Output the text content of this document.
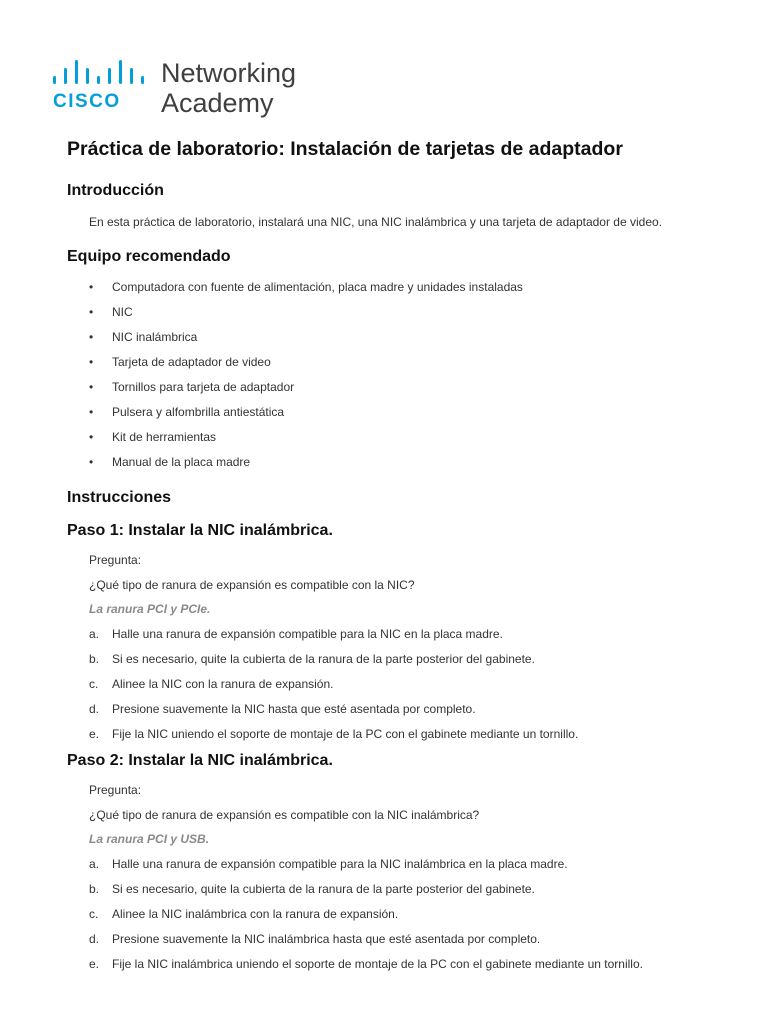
CISCO
Networking
Academy
Práctica de laboratorio: Instalación de tarjetas de adaptador
Introducción
En esta práctica de laboratorio, instalará una NIC, una NIC inalámbrica y una tarjeta de adaptador de video.
Equipo recomendado
• Computadora con fuente de alimentación, placa madre y unidades instaladas
• NIC
• NIC inalámbrica
• Tarjeta de adaptador de video
• Tornillos para tarjeta de adaptador
• Pulsera y alfombrilla antiestática
• Kit de herramientas
• Manual de la placa madre
Instrucciones
Paso 1: Instalar la NIC inalámbrica.
Pregunta:
¿Qué tipo de ranura de expansión es compatible con la NIC?
La ranura PCI y PCIe.
a. Halle una ranura de expansión compatible para la NIC en la placa madre.
b. Si es necesario, quite la cubierta de la ranura de la parte posterior del gabinete.
c. Alinee la NIC con la ranura de expansión.
d. Presione suavemente la NIC hasta que esté asentada por completo.
e. Fije la NIC uniendo el soporte de montaje de la PC con el gabinete mediante un tornillo.
Paso 2: Instalar la NIC inalámbrica.
Pregunta:
¿Qué tipo de ranura de expansión es compatible con la NIC inalámbrica?
La ranura PCI y USB.
a. Halle una ranura de expansión compatible para la NIC inalámbrica en la placa madre.
b. Si es necesario, quite la cubierta de la ranura de la parte posterior del gabinete.
c. Alinee la NIC inalámbrica con la ranura de expansión.
d. Presione suavemente la NIC inalámbrica hasta que esté asentada por completo.
e. Fije la NIC inalámbrica uniendo el soporte de montaje de la PC con el gabinete mediante un tornillo.
